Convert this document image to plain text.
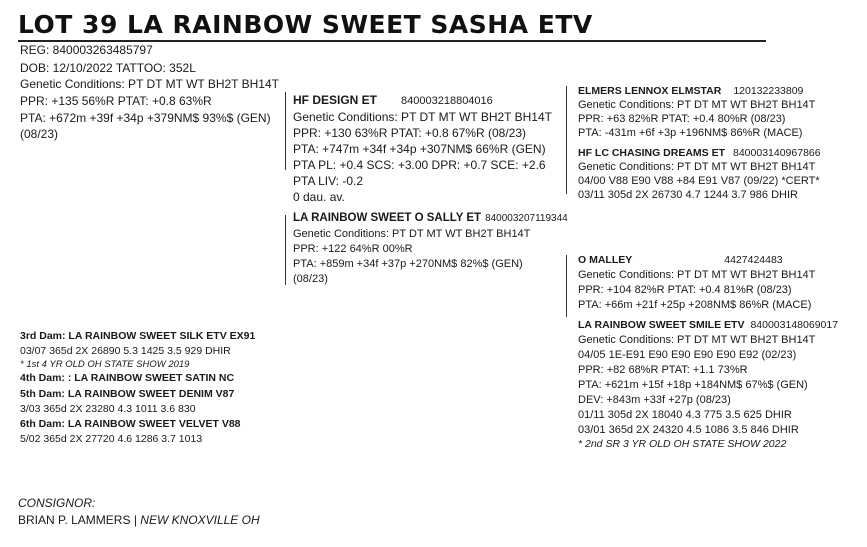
LOT 39 LA RAINBOW SWEET SASHA ETV
REG: 840003263485797
DOB: 12/10/2022 TATTOO: 352L
Genetic Conditions: PT DT MT WT BH2T BH14T
PPR: +135 56%R PTAT: +0.8 63%R
PTA: +672m +39f +34p +379NM$ 93%$ (GEN)
(08/23)
HF DESIGN ET 840003218804016
Genetic Conditions: PT DT MT WT BH2T BH14T
PPR: +130 63%R PTAT: +0.8 67%R (08/23)
PTA: +747m +34f +34p +307NM$ 66%R (GEN)
PTA PL: +0.4 SCS: +3.00 DPR: +0.7 SCE: +2.6
PTA LIV: -0.2
0 dau. av.
LA RAINBOW SWEET O SALLY ET 840003207119344
Genetic Conditions: PT DT MT WT BH2T BH14T
PPR: +122 64%R 00%R
PTA: +859m +34f +37p +270NM$ 82%$ (GEN)
(08/23)
ELMERS LENNOX ELMSTAR 120132233809
Genetic Conditions: PT DT MT WT BH2T BH14T
PPR: +63 82%R PTAT: +0.4 80%R (08/23)
PTA: -431m +6f +3p +196NM$ 86%R (MACE)
HF LC CHASING DREAMS ET 840003140967866
Genetic Conditions: PT DT MT WT BH2T BH14T
04/00 V88 E90 V88 +84 E91 V87 (09/22) *CERT*
03/11 305d 2X 26730 4.7 1244 3.7 986 DHIR
O MALLEY	4427424483
Genetic Conditions: PT DT MT WT BH2T BH14T
PPR: +104 82%R PTAT: +0.4 81%R (08/23)
PTA: +66m +21f +25p +208NM$ 86%R (MACE)
LA RAINBOW SWEET SMILE ETV 840003148069017
Genetic Conditions: PT DT MT WT BH2T BH14T
04/05 1E-E91 E90 E90 E90 E90 E92 (02/23)
PPR: +82 68%R PTAT: +1.1 73%R
PTA: +621m +15f +18p +184NM$ 67%$ (GEN)
DEV: +843m +33f +27p (08/23)
01/11 305d 2X 18040 4.3 775 3.5 625 DHIR
03/01 365d 2X 24320 4.5 1086 3.5 846 DHIR
* 2nd SR 3 YR OLD OH STATE SHOW 2022
3rd Dam: LA RAINBOW SWEET SILK ETV EX91
03/07 365d 2X 26890 5.3 1425 3.5 929 DHIR
* 1st 4 YR OLD OH STATE SHOW 2019
4th Dam: : LA RAINBOW SWEET SATIN NC
5th Dam: LA RAINBOW SWEET DENIM V87
3/03 365d 2X 23280 4.3 1011 3.6 830
6th Dam: LA RAINBOW SWEET VELVET V88
5/02 365d 2X 27720 4.6 1286 3.7 1013
CONSIGNOR:
BRIAN P. LAMMERS | NEW KNOXVILLE OH
